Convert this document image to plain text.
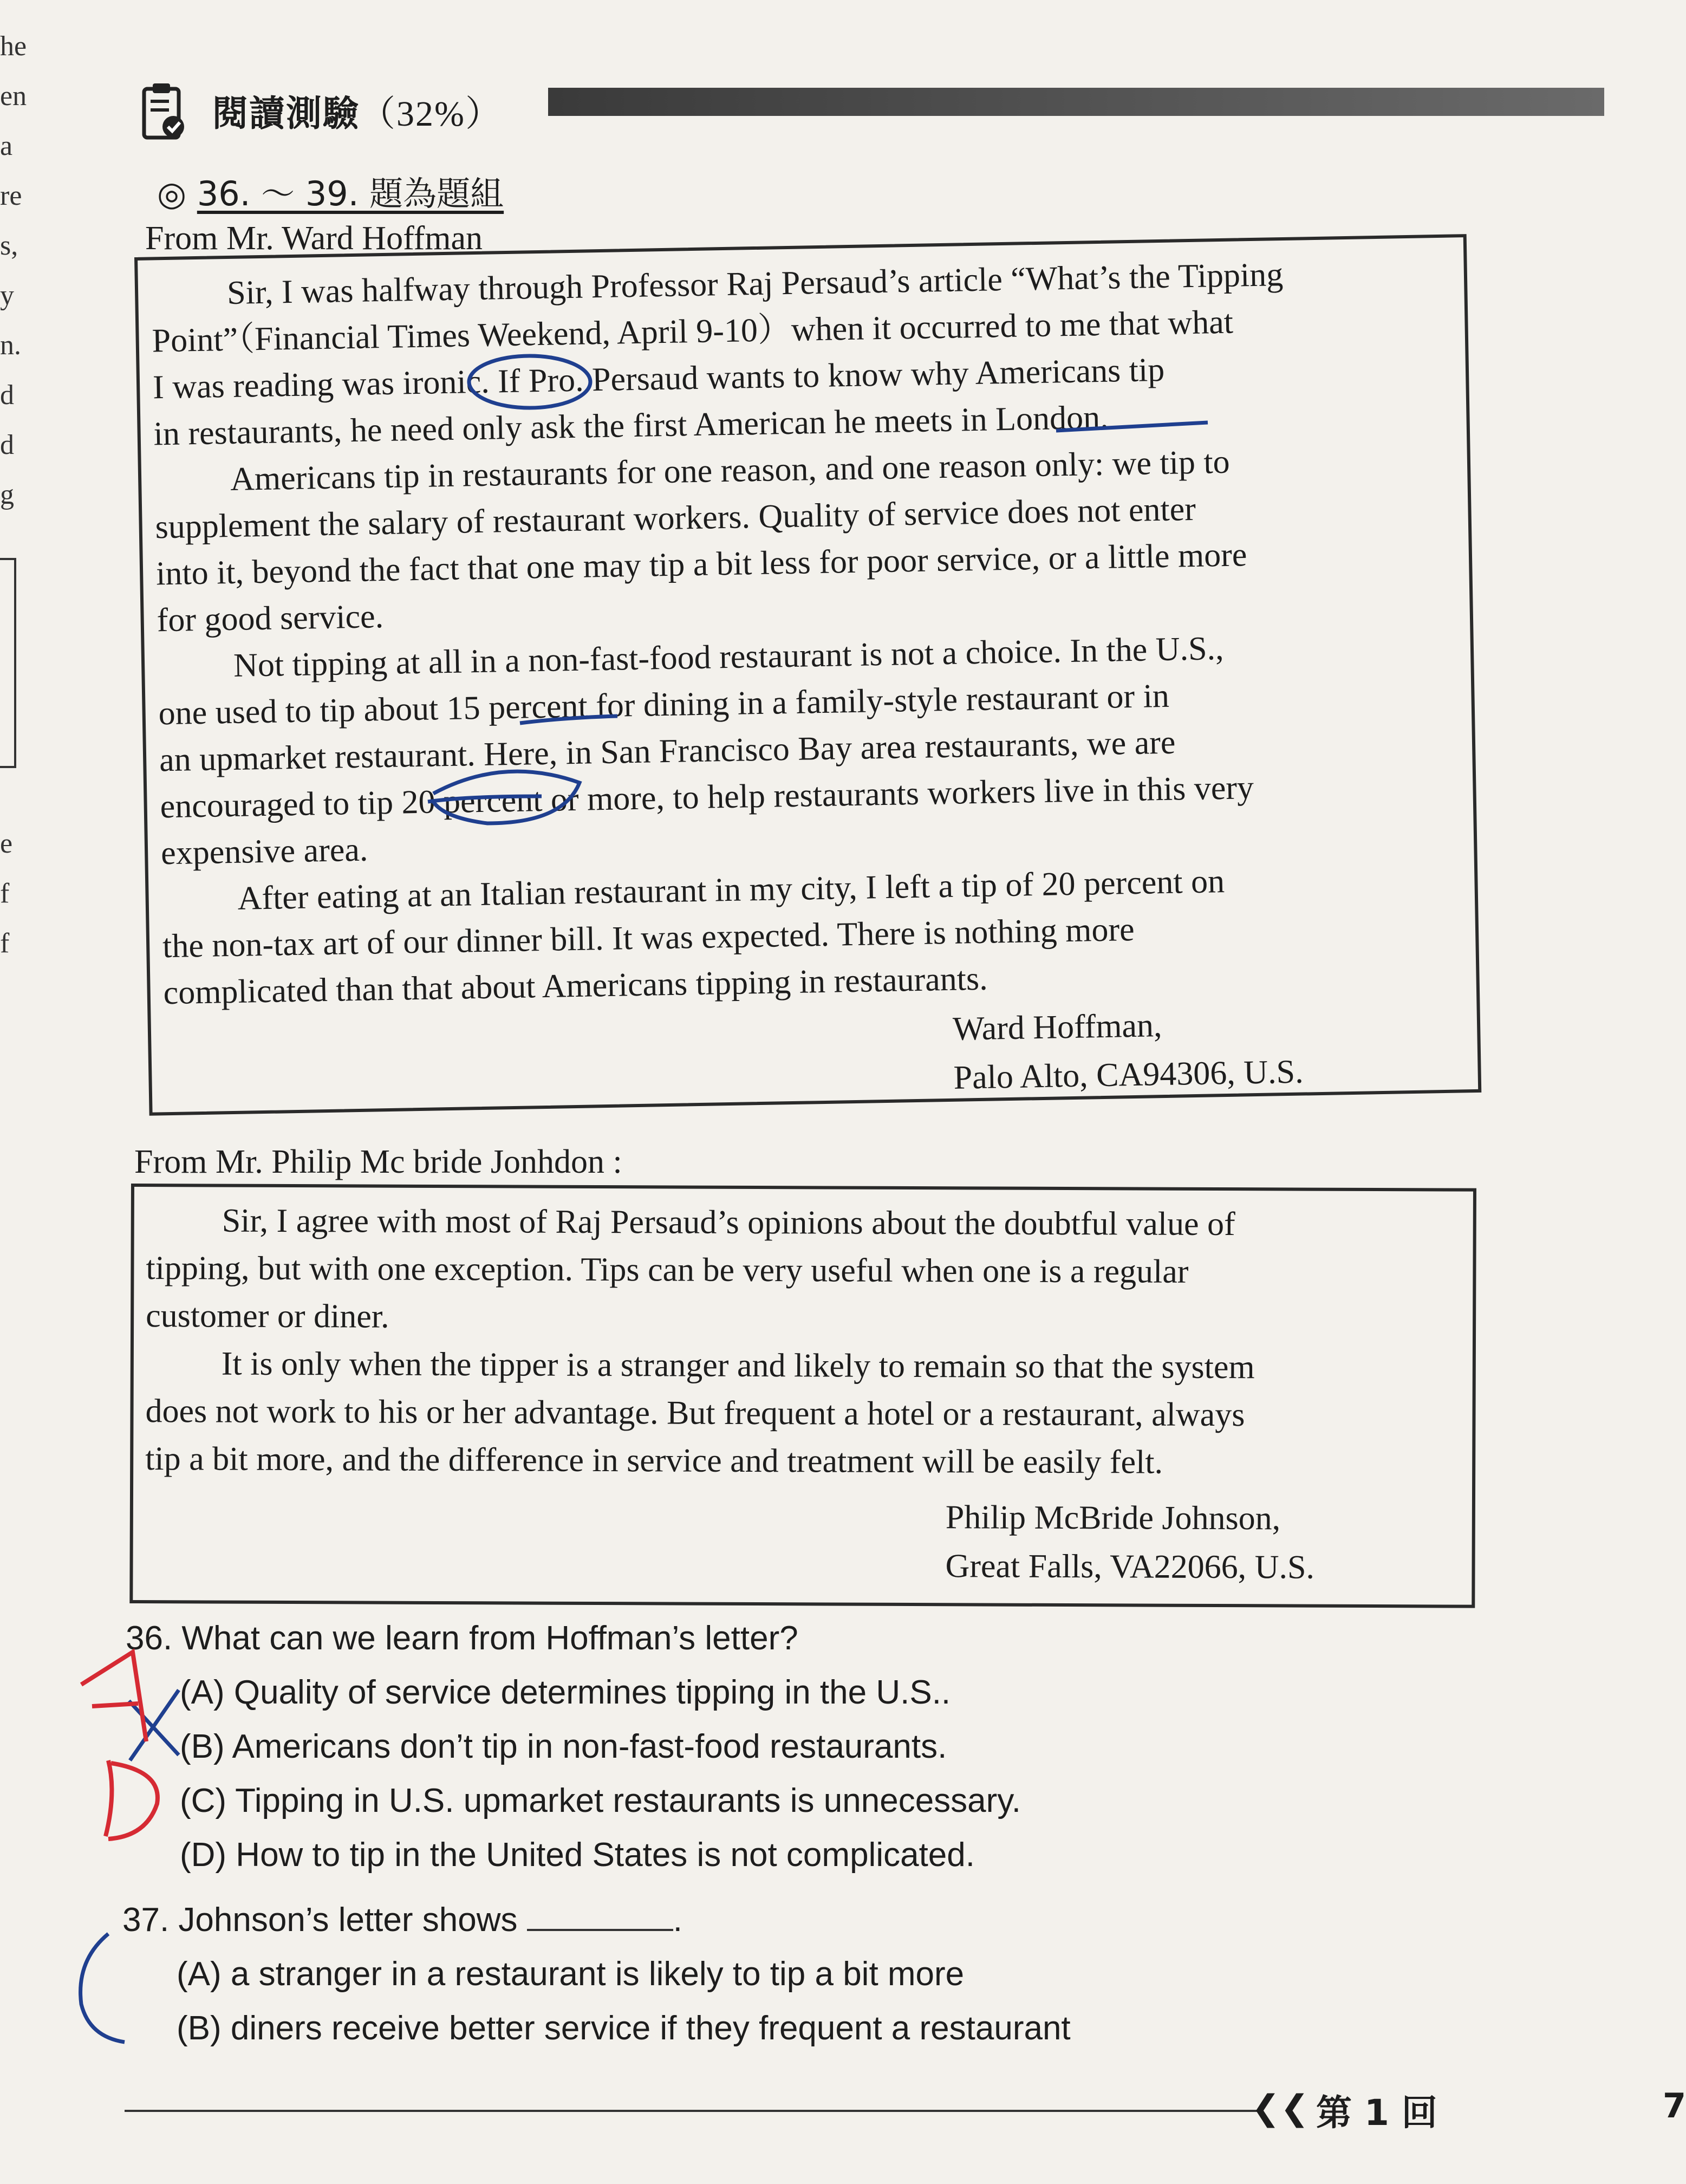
he
en
a
re
s,
y
n.
d
d
g
e
f
f
閱讀測驗（32%）
◎ 36. ～ 39. 題為題組
From Mr. Ward Hoffman

Sir, I was halfway through Professor Raj Persaud’s article “What’s the Tipping

Point”（Financial Times Weekend, April 9-10）when it occurred to me that what

I was reading was ironic. If Pro. Persaud wants to know why Americans tip

in restaurants, he need only ask the first American he meets in London.

Americans tip in restaurants for one reason, and one reason only: we tip to

supplement the salary of restaurant workers. Quality of service does not enter

into it, beyond the fact that one may tip a bit less for poor service, or a little more

for good service.

Not tipping at all in a non-fast-food restaurant is not a choice. In the U.S.,

one used to tip about 15 percent for dining in a family-style restaurant or in

an upmarket restaurant. Here, in San Francisco Bay area restaurants, we are

encouraged to tip 20 percent or more, to help restaurants workers live in this very

expensive area.

After eating at an Italian restaurant in my city, I left a tip of 20 percent on

the non-tax art of our dinner bill. It was expected. There is nothing more

complicated than that about Americans tipping in restaurants.

Ward Hoffman,
Palo Alto, CA94306, U.S.
From Mr. Philip Mc bride Jonhdon :

Sir, I agree with most of Raj Persaud’s opinions about the doubtful value of

tipping, but with one exception. Tips can be very useful when one is a regular

customer or diner.

It is only when the tipper is a stranger and likely to remain so that the system

does not work to his or her advantage. But frequent a hotel or a restaurant, always

tip a bit more, and the difference in service and treatment will be easily felt.

Philip McBride Johnson,
Great Falls, VA22066, U.S.
36. What can we learn from Hoffman’s letter?
(A) Quality of service determines tipping in the U.S..
(B) Americans don’t tip in non-fast-food restaurants.
(C) Tipping in U.S. upmarket restaurants is unnecessary.
(D) How to tip in the United States is not complicated.
37. Johnson’s letter shows	.
(A) a stranger in a restaurant is likely to tip a bit more
(B) diners receive better service if they frequent a restaurant
❮❮ 第 1 回	7
